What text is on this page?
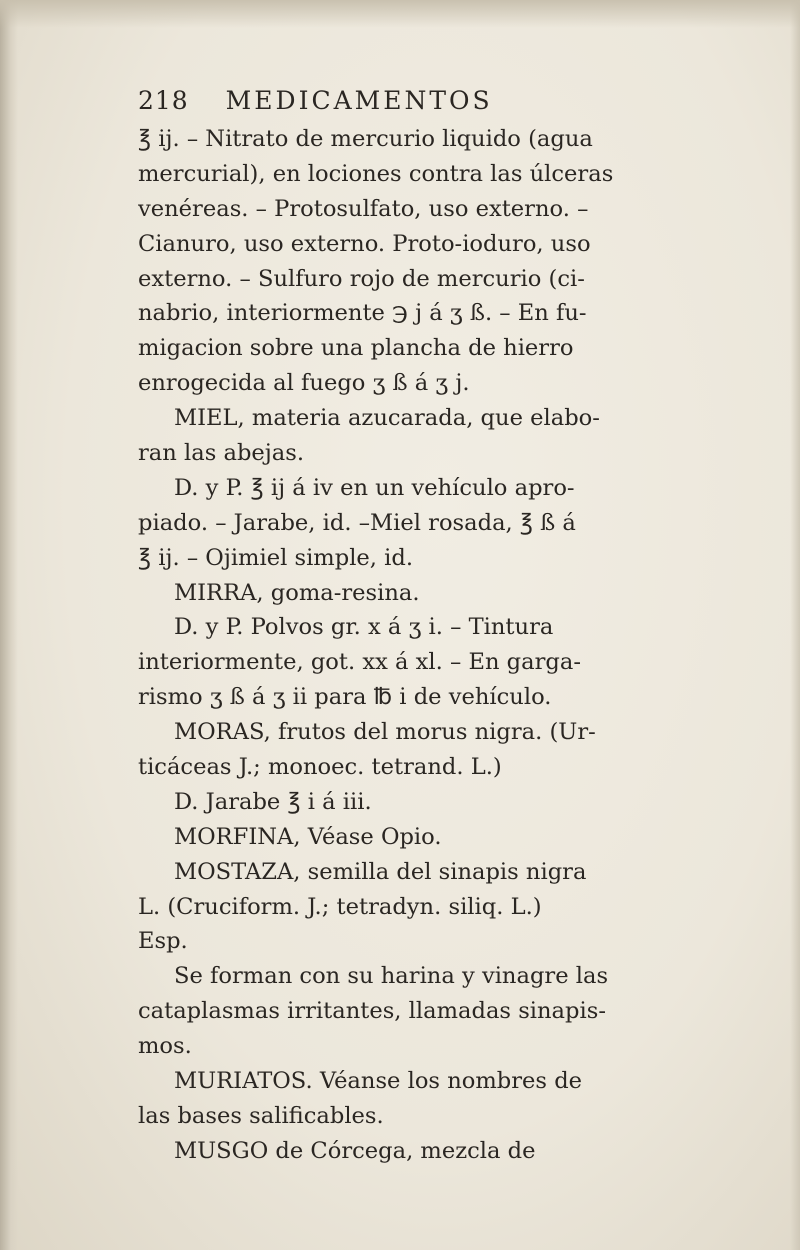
218 MEDICAMENTOS
℥ ij. – Nitrato de mercurio liquido (agua
mercurial), en lociones contra las úlceras
venéreas. – Protosulfato, uso externo. –
Cianuro, uso externo. Proto-ioduro, uso
externo. – Sulfuro rojo de mercurio (ci-
nabrio, interiormente ℈ j á ʒ ß. – En fu-
migacion sobre una plancha de hierro
enrogecida al fuego ʒ ß á ʒ j.
MIEL, materia azucarada, que elabo-
ran las abejas.
D. y P. ℥ ij á iv en un vehículo apro-
piado. – Jarabe, id. –Miel rosada, ℥ ß á
℥ ij. – Ojimiel simple, id.
MIRRA, goma-resina.
D. y P. Polvos gr. x á ʒ i. – Tintura
interiormente, got. xx á xl. – En garga-
rismo ʒ ß á ʒ ii para ℔ i de vehículo.
MORAS, frutos del morus nigra. (Ur-
ticáceas J.; monoec. tetrand. L.)
D. Jarabe ℥ i á iii.
MORFINA, Véase Opio.
MOSTAZA, semilla del sinapis nigra
L. (Cruciform. J.; tetradyn. siliq. L.)
Esp.
Se forman con su harina y vinagre las
cataplasmas irritantes, llamadas sinapis-
mos.
MURIATOS. Véanse los nombres de
las bases salificables.
MUSGO de Córcega, mezcla de
